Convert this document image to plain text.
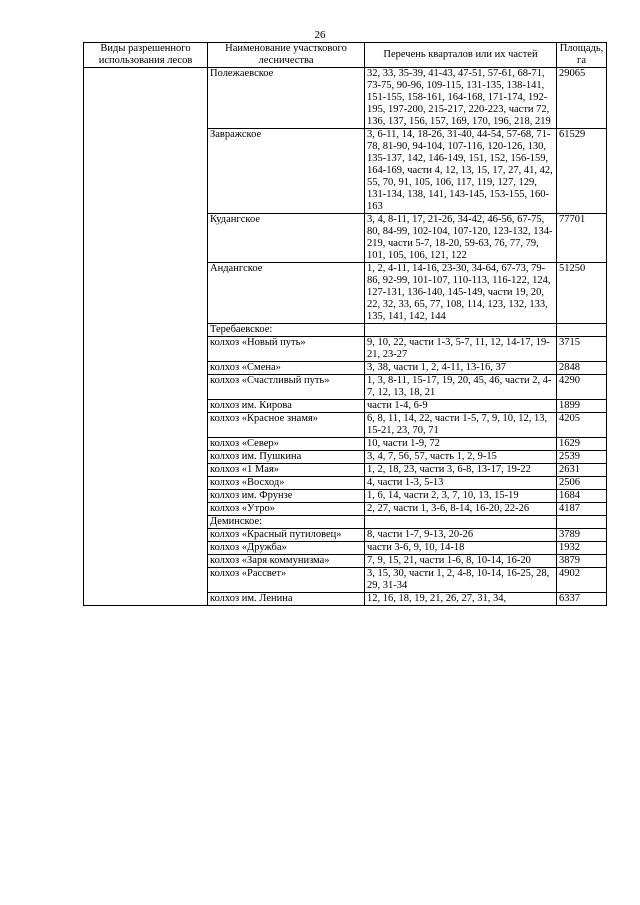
26
Виды разрешенного использования лесов	Наименование участкового лесничества	Перечень кварталов или их частей	Площадь, га
	Полежаевское	32, 33, 35-39, 41-43, 47-51, 57-61, 68-71, 73-75, 90-96, 109-115, 131-135, 138-141, 151-155, 158-161, 164-168, 171-174, 192-195, 197-200, 215-217, 220-223, части 72, 136, 137, 156, 157, 169, 170, 196, 218, 219	29065
	Завражское	3, 6-11, 14, 18-26, 31-40, 44-54, 57-68, 71-78, 81-90, 94-104, 107-116, 120-126, 130, 135-137, 142, 146-149, 151, 152, 156-159, 164-169, части 4, 12, 13, 15, 17, 27, 41, 42, 55, 70, 91, 105, 106, 117, 119, 127, 129, 131-134, 138, 141, 143-145, 153-155, 160-163	61529
	Кудангское	3, 4, 8-11, 17, 21-26, 34-42, 46-56, 67-75, 80, 84-99, 102-104, 107-120, 123-132, 134-219, части 5-7, 18-20, 59-63, 76, 77, 79, 101, 105, 106, 121, 122	77701
	Андангское	1, 2, 4-11, 14-16, 23-30, 34-64, 67-73, 79-86, 92-99, 101-107, 110-113, 116-122, 124, 127-131, 136-140, 145-149, части 19, 20, 22, 32, 33, 65, 77, 108, 114, 123, 132, 133, 135, 141, 142, 144	51250
	Теребаевское:		
	колхоз «Новый путь»	9, 10, 22, части 1-3, 5-7, 11, 12, 14-17, 19-21, 23-27	3715
	колхоз «Смена»	3, 38, части 1, 2, 4-11, 13-16, 37	2848
	колхоз «Счастливый путь»	1, 3, 8-11, 15-17, 19, 20, 45, 46, части 2, 4-7, 12, 13, 18, 21	4290
	колхоз им. Кирова	части 1-4, 6-9	1899
	колхоз «Красное знамя»	6, 8, 11, 14, 22, части 1-5, 7, 9, 10, 12, 13, 15-21, 23, 70, 71	4205
	колхоз «Север»	10, части 1-9, 72	1629
	колхоз им. Пушкина	3, 4, 7, 56, 57, часть 1, 2, 9-15	2539
	колхоз «1 Мая»	1, 2, 18, 23, части 3, 6-8, 13-17, 19-22	2631
	колхоз «Восход»	4, части 1-3, 5-13	2506
	колхоз им. Фрунзе	1, 6, 14, части 2, 3, 7, 10, 13, 15-19	1684
	колхоз «Утро»	2, 27, части 1, 3-6, 8-14, 16-20, 22-26	4187
	Деминское:		
	колхоз «Красный путиловец»	8, части 1-7, 9-13, 20-26	3789
	колхоз «Дружба»	части 3-6, 9, 10, 14-18	1932
	колхоз «Заря коммунизма»	7, 9, 15, 21, части 1-6, 8, 10-14, 16-20	3879
	колхоз «Рассвет»	3, 15, 30, части 1, 2, 4-8, 10-14, 16-25, 28, 29, 31-34	4902
	колхоз им. Ленина	12, 16, 18, 19, 21, 26, 27, 31, 34,	6337
